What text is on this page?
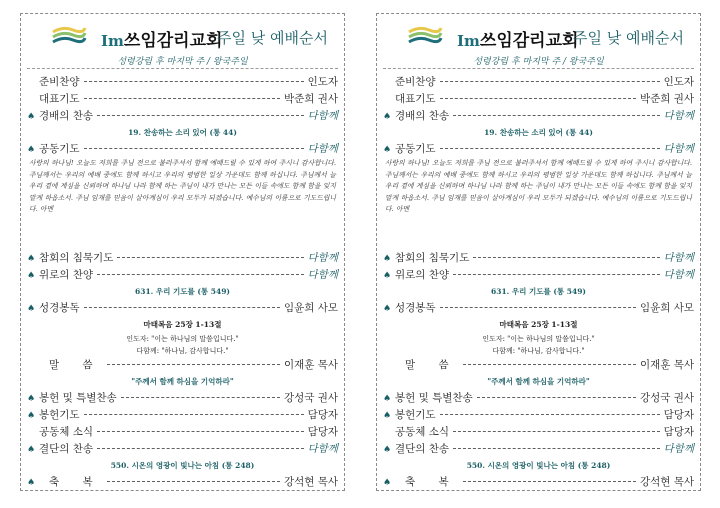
Im쓰임감리교회
주일 낮 예배순서
성령강림 후 마지막 주 / 왕국주일
준비찬양	인도자
대표기도	박준희 권사
♠ 경배의 찬송	다함께
19. 찬송하는 소리 있어 (통 44)
♠ 공동기도	다함께
사랑의 하나님! 오늘도 저희를 주님 전으로 불러주셔서 함께 예배드릴 수 있게 하여 주시니 감사합니다. 주님께서는 우리의 예배 중에도 함께 하시고 우리의 평범한 일상 가운데도 함께 하십니다. 주님께서 늘 우리 곁에 계심을 신뢰하며 하나님 나라 함께 하는 주님이 내가 만나는 모든 이들 속에도 함께 함을 잊지 말게 하옵소서. 주님 임재를 믿음이 살아계심이 우리 모두가 되겠습니다. 예수님의 이름으로 기도드립니다. 아멘
♠ 참회의 침묵기도	다함께
♠ 위로의 찬양	다함께
631. 우리 기도를 (통 549)
♠ 성경봉독	임윤희 사모
마태복음 25장 1-13절
인도자: "이는 하나님의 말씀입니다."
다함께: "하나님, 감사합니다."
말 씀	이재훈 목사
"주께서 함께 하심을 기억하라"
♠ 봉헌 및 특별찬송	강성국 권사
♠ 봉헌기도	담당자
공동체 소식	담당자
♠ 결단의 찬송	다함께
550. 시온의 영광이 빛나는 아침 (통 248)
♠	축 복	강석현 목사
Im쓰임감리교회
주일 낮 예배순서
성령강림 후 마지막 주 / 왕국주일
준비찬양	인도자
대표기도	박준희 권사
♠ 경배의 찬송	다함께
19. 찬송하는 소리 있어 (통 44)
♠ 공동기도	다함께
사랑의 하나님! 오늘도 저희를 주님 전으로 불러주셔서 함께 예배드릴 수 있게 하여 주시니 감사합니다. 주님께서는 우리의 예배 중에도 함께 하시고 우리의 평범한 일상 가운데도 함께 하십니다. 주님께서 늘 우리 곁에 계심을 신뢰하며 하나님 나라 함께 하는 주님이 내가 만나는 모든 이들 속에도 함께 함을 잊지 말게 하옵소서. 주님 임재를 믿음이 살아계심이 우리 모두가 되겠습니다. 예수님의 이름으로 기도드립니다. 아멘
♠ 참회의 침묵기도	다함께
♠ 위로의 찬양	다함께
631. 우리 기도를 (통 549)
♠ 성경봉독	임윤희 사모
마태복음 25장 1-13절
인도자: "이는 하나님의 말씀입니다."
다함께: "하나님, 감사합니다."
말 씀	이재훈 목사
"주께서 함께 하심을 기억하라"
♠ 봉헌 및 특별찬송	강성국 권사
♠ 봉헌기도	담당자
공동체 소식	담당자
♠ 결단의 찬송	다함께
550. 시온의 영광이 빛나는 아침 (통 248)
♠	축 복	강석현 목사
